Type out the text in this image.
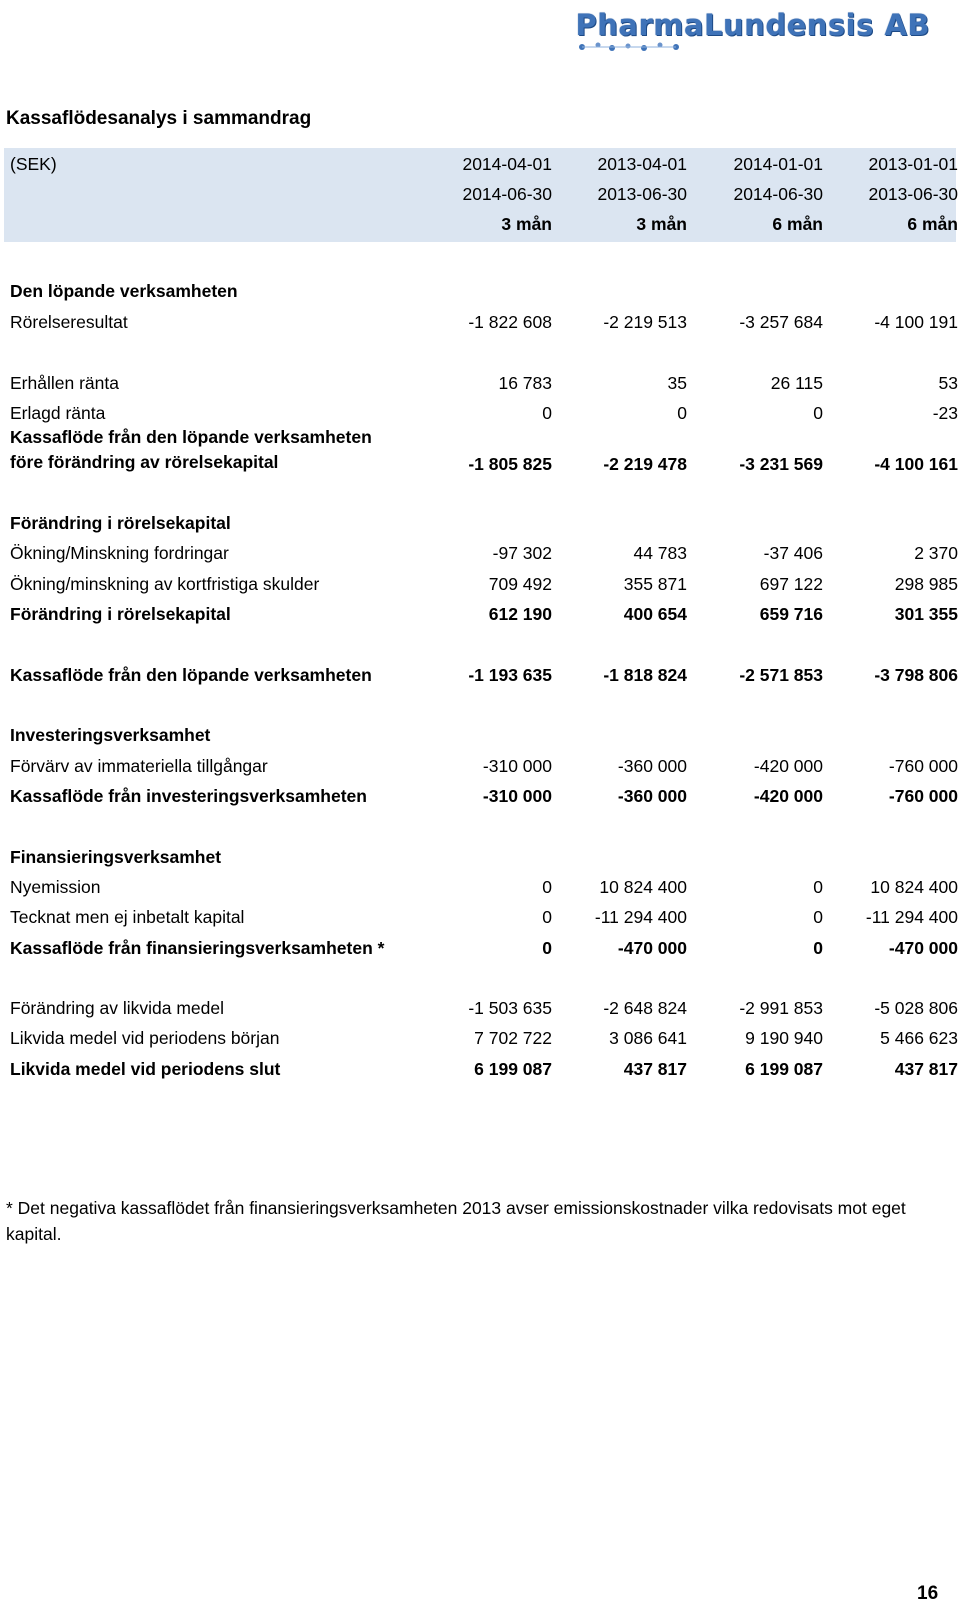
PharmaLundensis AB
Kassaflödesanalys i sammandrag
(SEK)	2014-04-01	2013-04-01	2014-01-01	2013-01-01
2014-06-30	2013-06-30	2014-06-30	2013-06-30
3 mån	3 mån	6 mån	6 mån
Den löpande verksamheten
Rörelseresultat	-1 822 608	-2 219 513	-3 257 684	-4 100 191
Erhållen ränta	16 783	35	26 115	53
Erlagd ränta	0	0	0	-23
Kassaflöde från den löpande verksamheten
före förändring av rörelsekapital	-1 805 825	-2 219 478	-3 231 569	-4 100 161
Förändring i rörelsekapital
Ökning/Minskning fordringar	-97 302	44 783	-37 406	2 370
Ökning/minskning av kortfristiga skulder	709 492	355 871	697 122	298 985
Förändring i rörelsekapital	612 190	400 654	659 716	301 355
Kassaflöde från den löpande verksamheten	-1 193 635	-1 818 824	-2 571 853	-3 798 806
Investeringsverksamhet
Förvärv av immateriella tillgångar	-310 000	-360 000	-420 000	-760 000
Kassaflöde från investeringsverksamheten	-310 000	-360 000	-420 000	-760 000
Finansieringsverksamhet
Nyemission	0	10 824 400	0	10 824 400
Tecknat men ej inbetalt kapital	0	-11 294 400	0	-11 294 400
Kassaflöde från finansieringsverksamheten *	0	-470 000	0	-470 000
Förändring av likvida medel	-1 503 635	-2 648 824	-2 991 853	-5 028 806
Likvida medel vid periodens början	7 702 722	3 086 641	9 190 940	5 466 623
Likvida medel vid periodens slut	6 199 087	437 817	6 199 087	437 817
* Det negativa kassaflödet från finansieringsverksamheten 2013 avser emissionskostnader vilka redovisats mot eget kapital.
16
